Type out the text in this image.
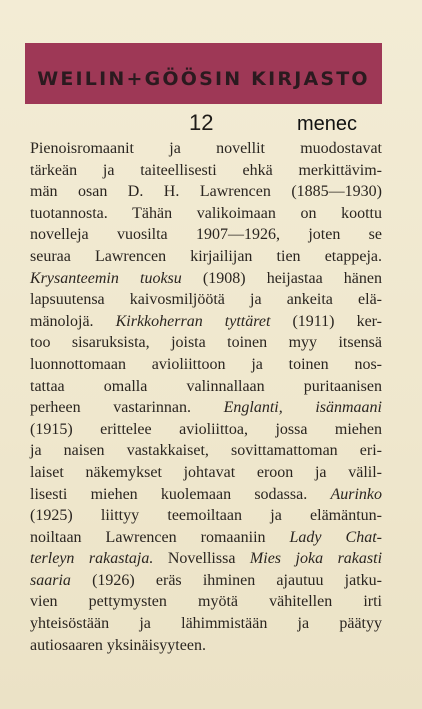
WEILIN+GÖÖSIN KIRJASTO
12	menec
Pienoisromaanit ja novellit muodostavat
tärkeän ja taiteellisesti ehkä merkittävim-
män osan D. H. Lawrencen (1885—1930)
tuotannosta. Tähän valikoimaan on koottu
novelleja vuosilta 1907—1926, joten se
seuraa Lawrencen kirjailijan tien etappeja.
Krysanteemin tuoksu (1908) heijastaa hänen
lapsuutensa kaivosmiljöötä ja ankeita elä-
mänolojä. Kirkkoherran tyttäret (1911) ker-
too sisaruksista, joista toinen myy itsensä
luonnottomaan avioliittoon ja toinen nos-
tattaa omalla valinnallaan puritaanisen
perheen vastarinnan. Englanti, isänmaani
(1915) erittelee avioliittoa, jossa miehen
ja naisen vastakkaiset, sovittamattoman eri-
laiset näkemykset johtavat eroon ja välil-
lisesti miehen kuolemaan sodassa. Aurinko
(1925) liittyy teemoiltaan ja elämäntun-
noiltaan Lawrencen romaaniin Lady Chat-
terleyn rakastaja. Novellissa Mies joka rakasti
saaria (1926) eräs ihminen ajautuu jatku-
vien pettymysten myötä vähitellen irti
yhteisöstään ja lähimmistään ja päätyy
autiosaaren yksinäisyyteen.
